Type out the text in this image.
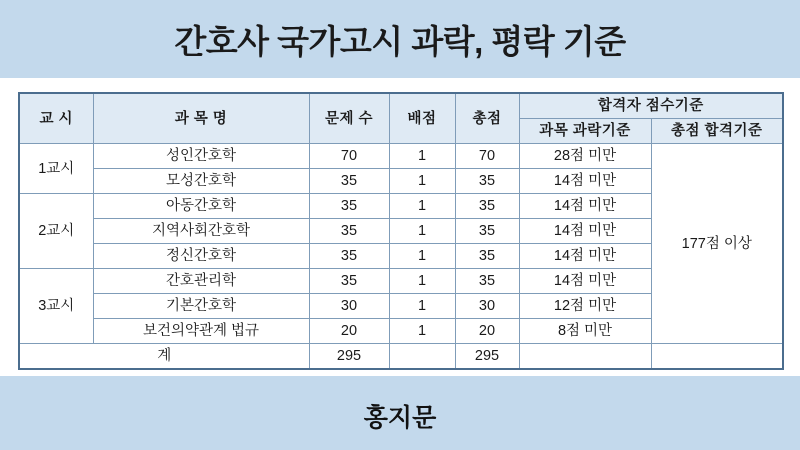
간호사 국가고시 과락, 평락 기준
교 시	과 목 명	문제 수	배점	총점	합격자 점수기준	
					과목 과락기준	총점 합격기준
1교시	성인간호학	70	1	70	28점 미만	177점 이상
	모성간호학	35	1	35	14점 미만	
2교시	아동간호학	35	1	35	14점 미만	
	지역사회간호학	35	1	35	14점 미만	
	정신간호학	35	1	35	14점 미만	
3교시	간호관리학	35	1	35	14점 미만	
	기본간호학	30	1	30	12점 미만	
	보건의약관계 법규	20	1	20	8점 미만	
계		295		295		
홍지문
